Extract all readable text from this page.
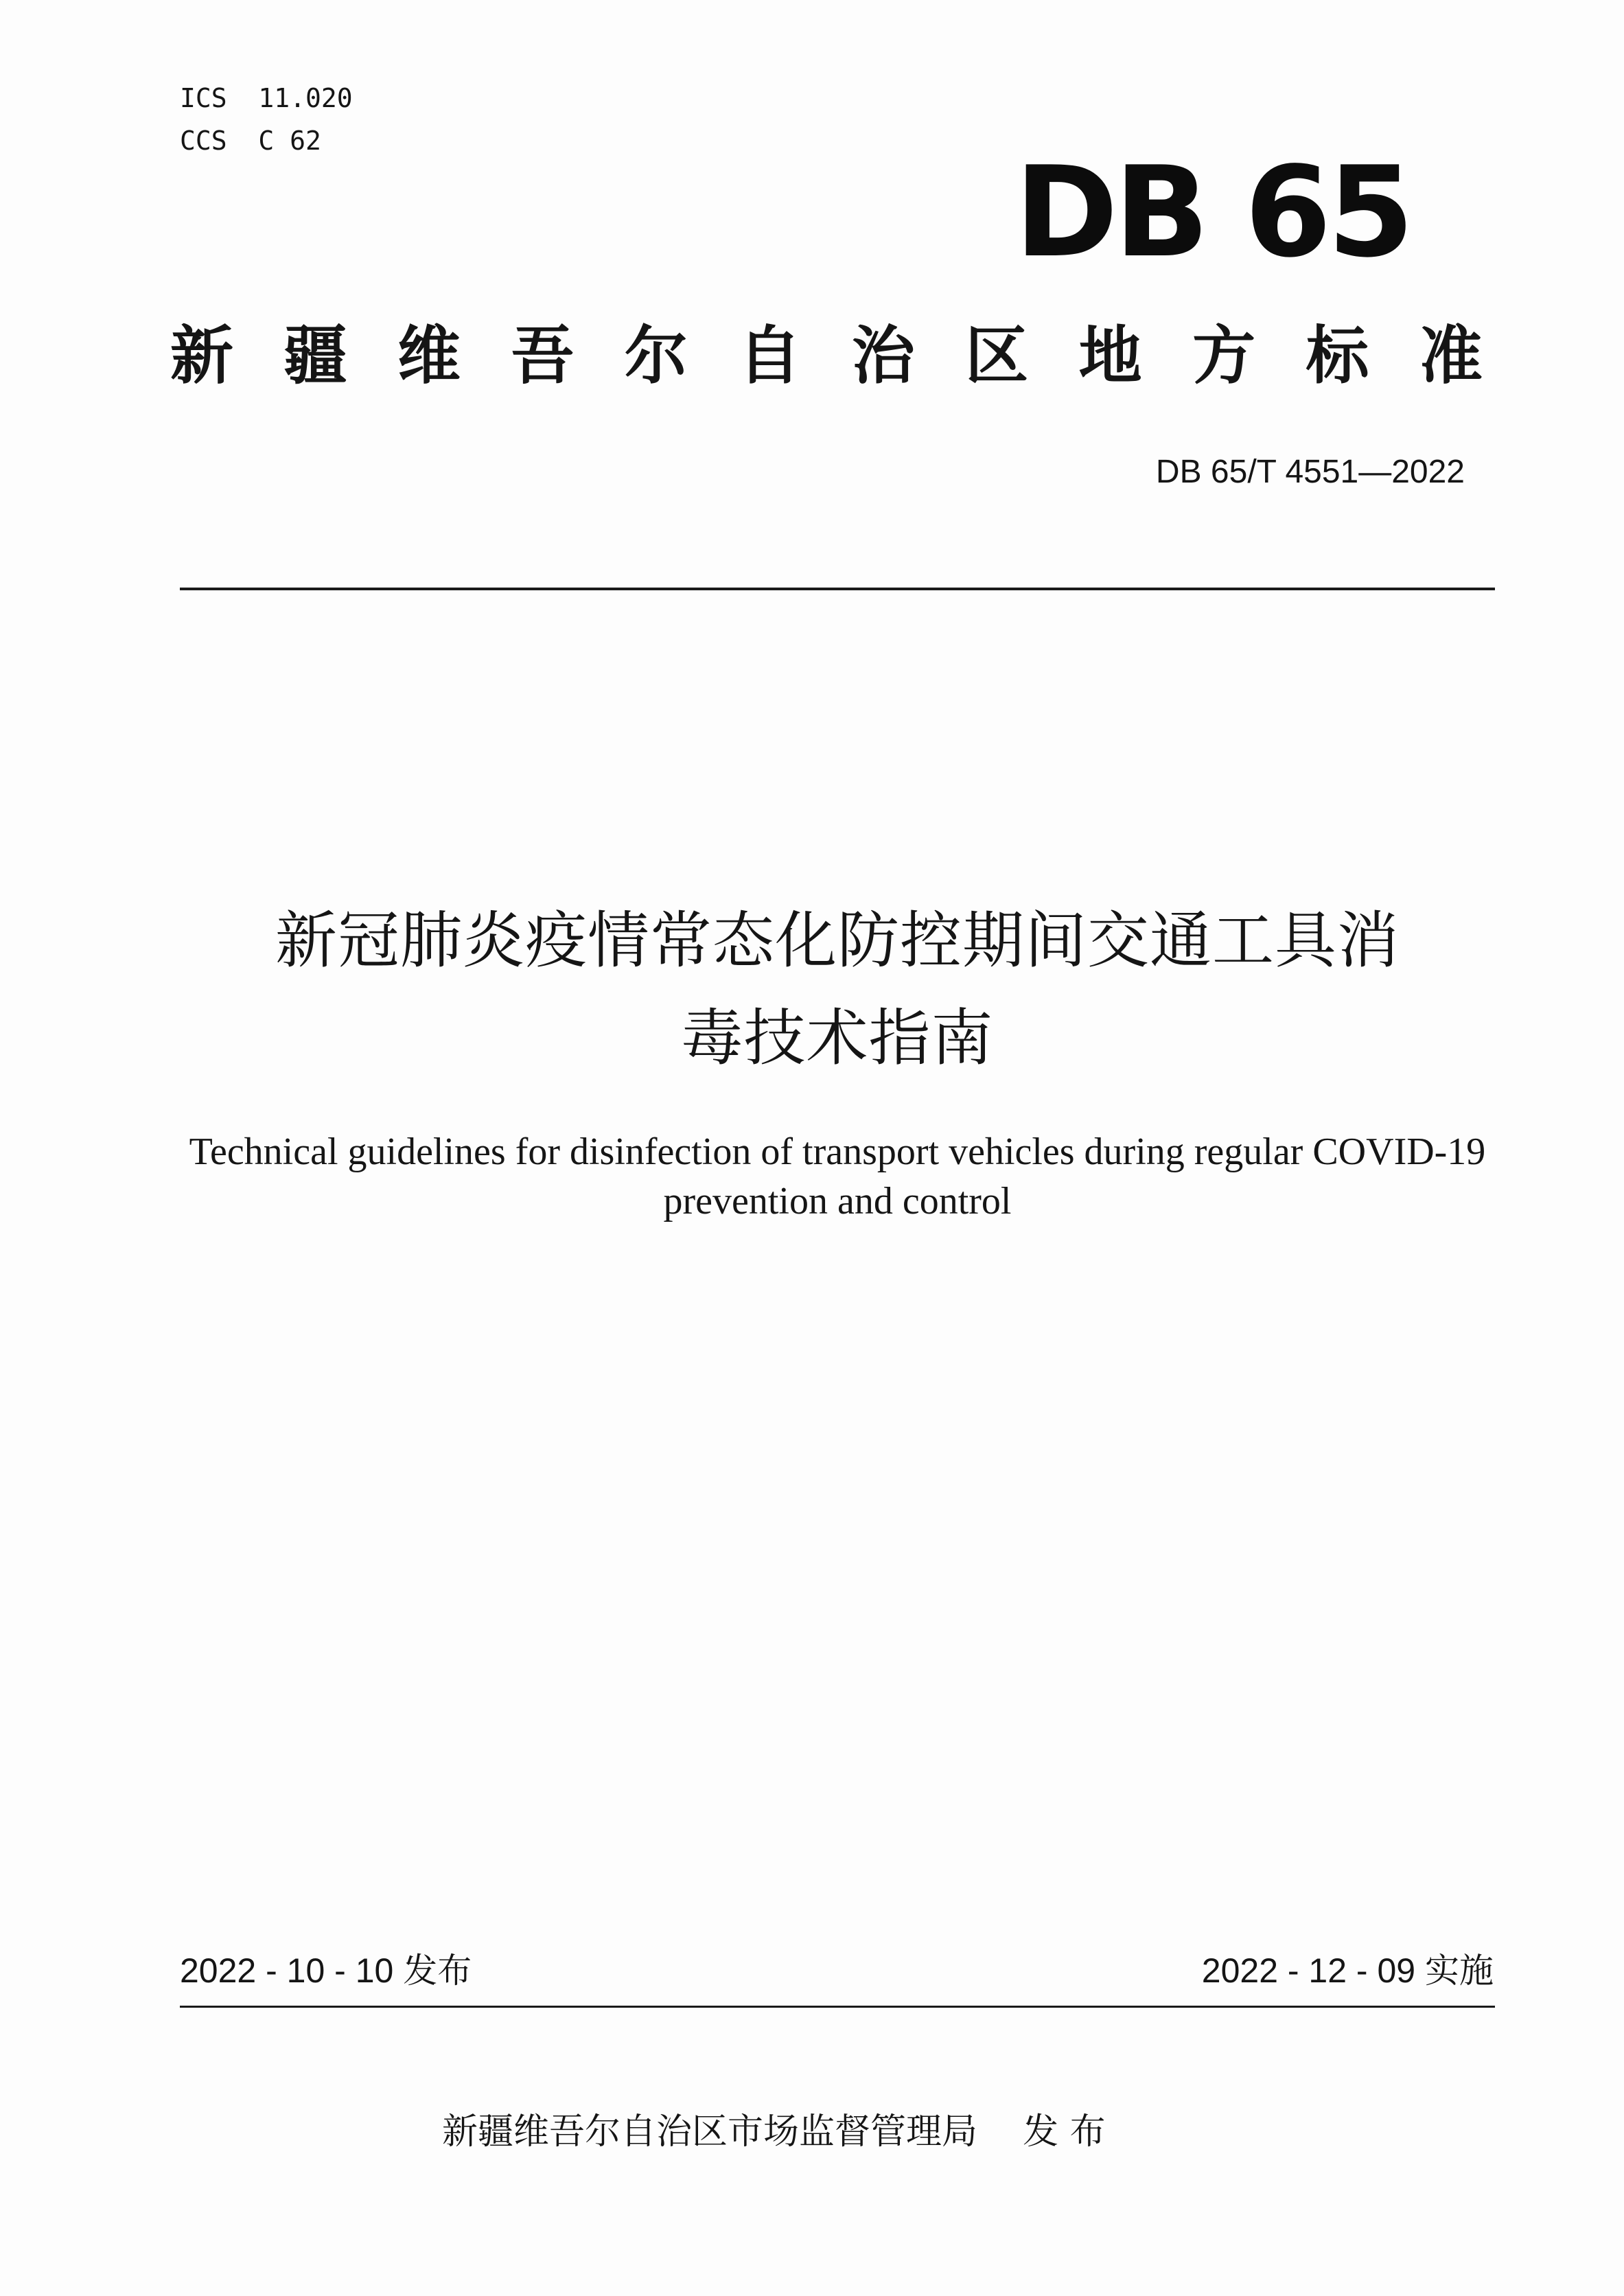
ICS  11.020
CCS  C 62	DB 65
新疆维吾尔自治区地方标准
DB 65/T 4551—2022
新冠肺炎疫情常态化防控期间交通工具消
毒技术指南
Technical guidelines for disinfection of transport vehicles during regular COVID-19
prevention and control
2022 - 10 - 10 发布	2022 - 12 - 09 实施
新疆维吾尔自治区市场监督管理局    发 布
